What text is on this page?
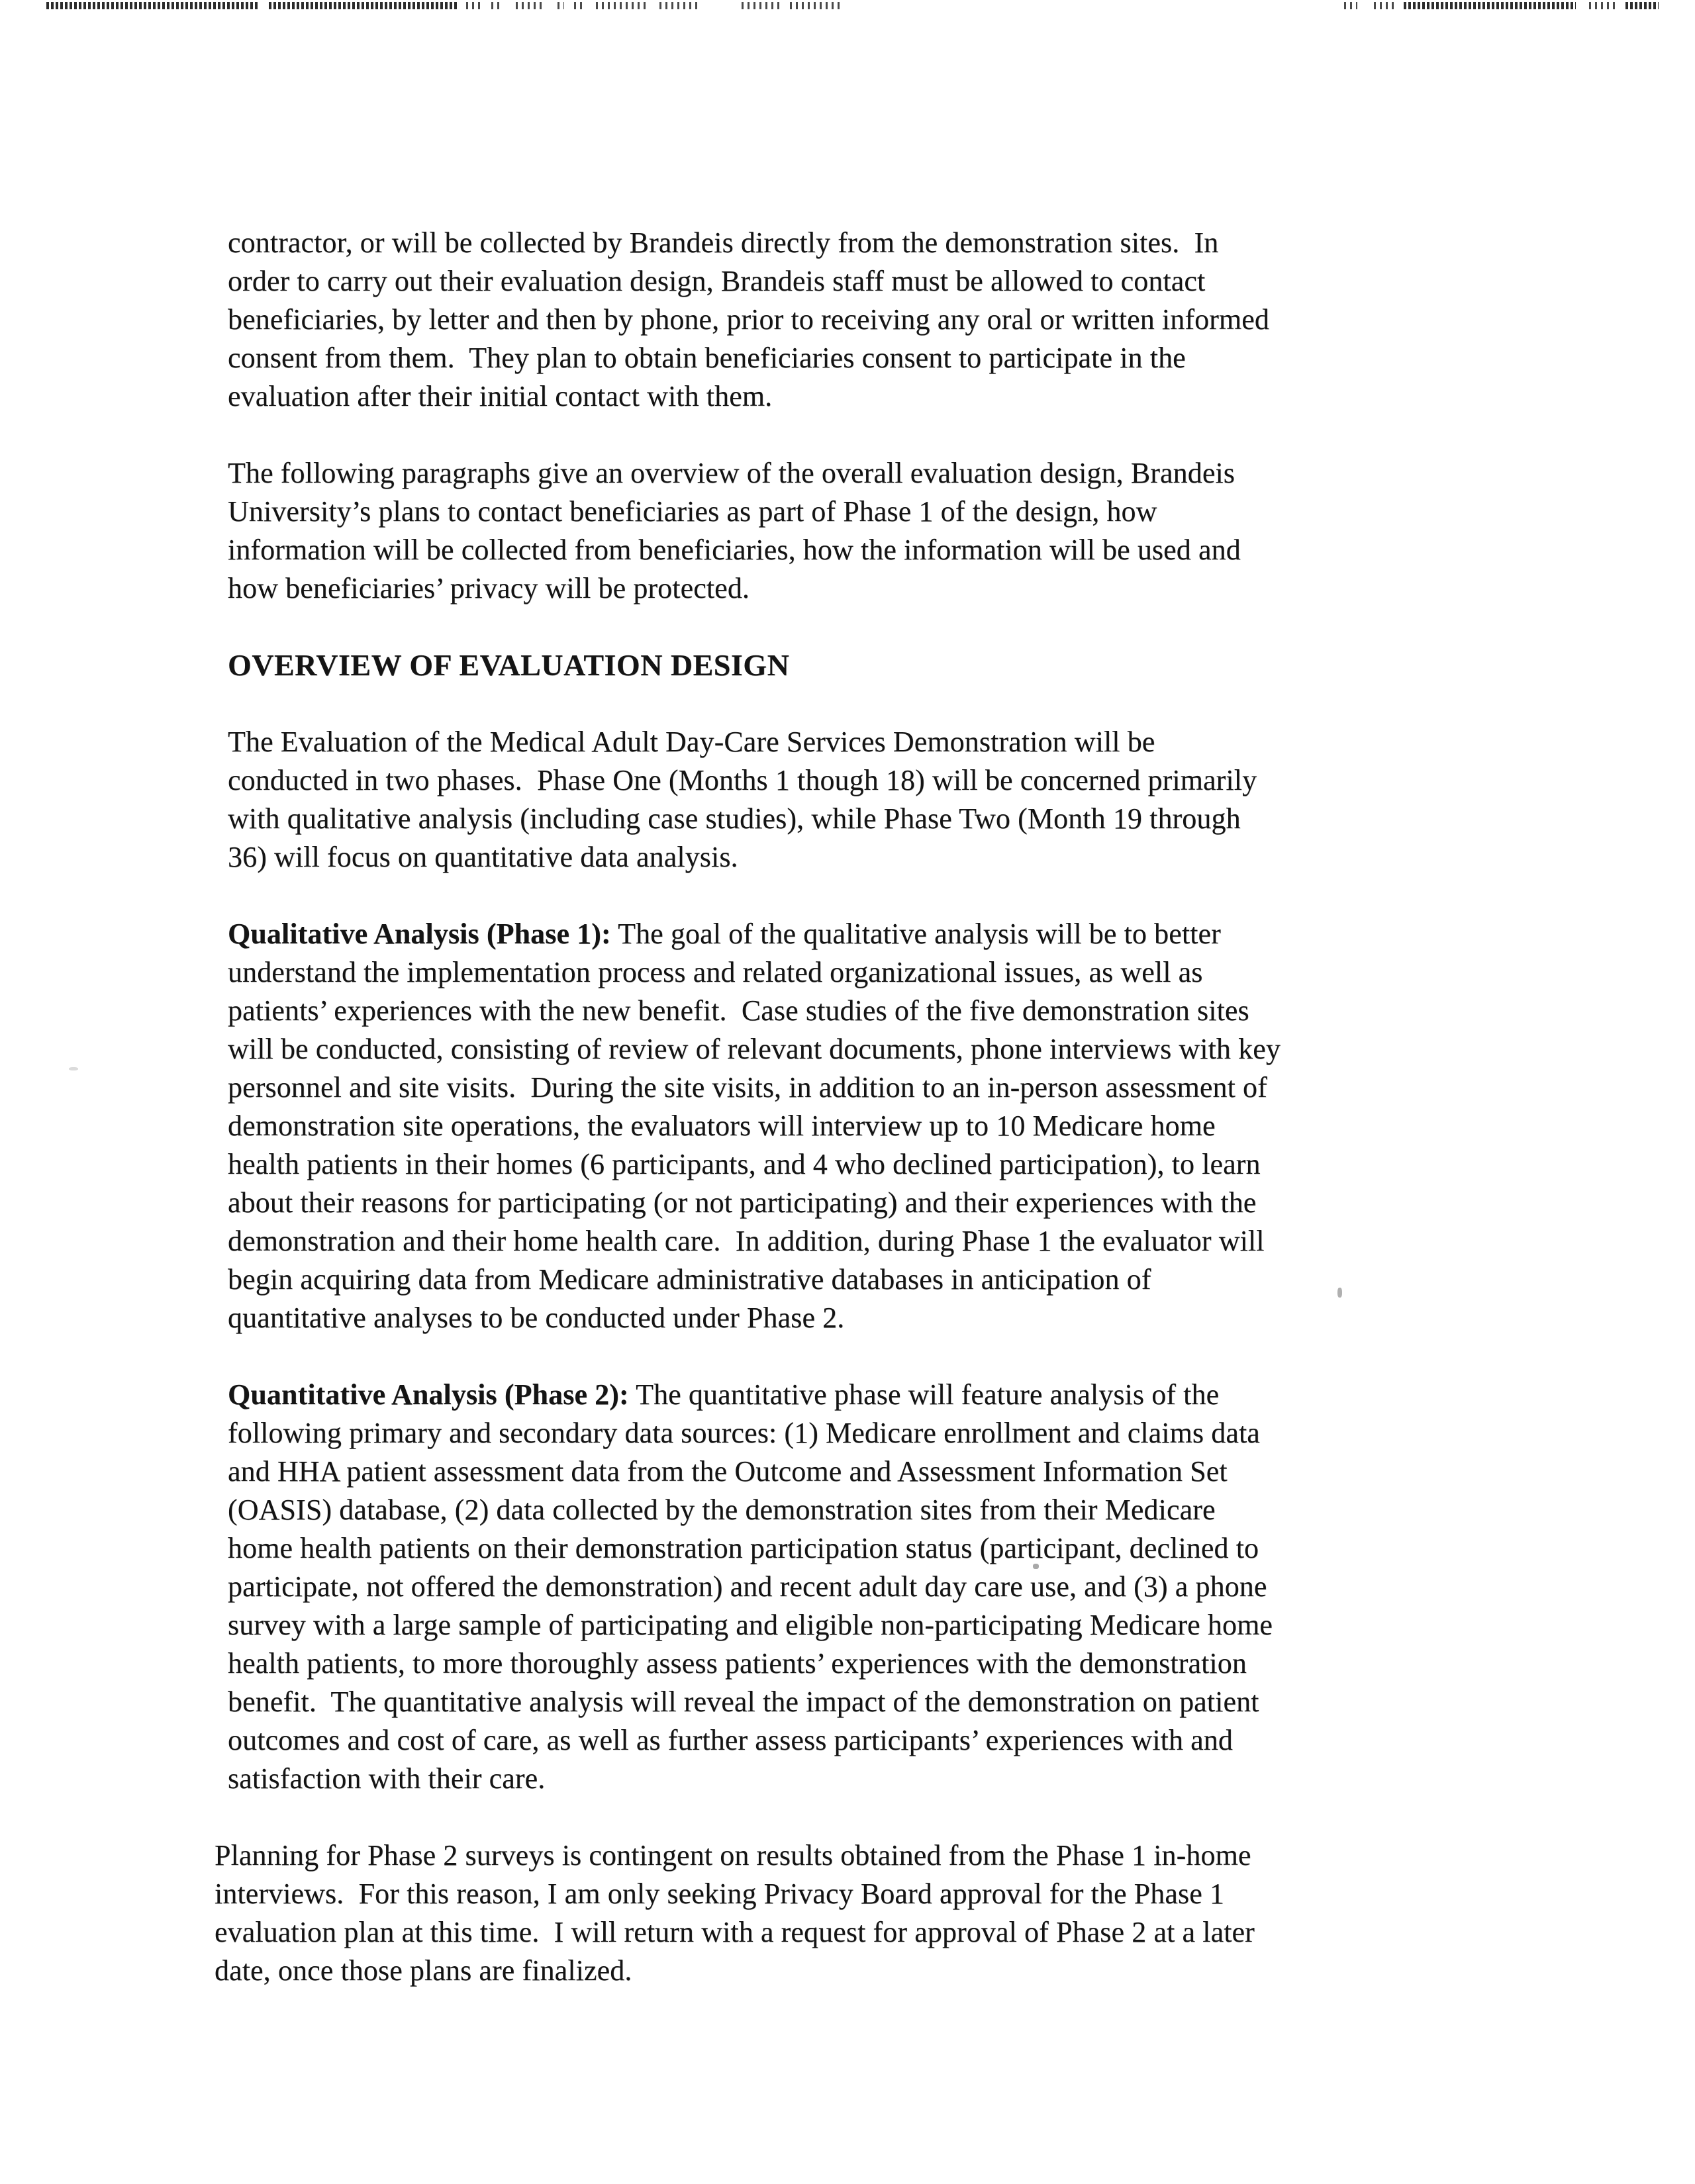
contractor, or will be collected by Brandeis directly from the demonstration sites.  In
order to carry out their evaluation design, Brandeis staff must be allowed to contact
beneficiaries, by letter and then by phone, prior to receiving any oral or written informed
consent from them.  They plan to obtain beneficiaries consent to participate in the
evaluation after their initial contact with them.
The following paragraphs give an overview of the overall evaluation design, Brandeis
University’s plans to contact beneficiaries as part of Phase 1 of the design, how
information will be collected from beneficiaries, how the information will be used and
how beneficiaries’ privacy will be protected.
OVERVIEW OF EVALUATION DESIGN
The Evaluation of the Medical Adult Day-Care Services Demonstration will be
conducted in two phases.  Phase One (Months 1 though 18) will be concerned primarily
with qualitative analysis (including case studies), while Phase Two (Month 19 through
36) will focus on quantitative data analysis.
Qualitative Analysis (Phase 1): The goal of the qualitative analysis will be to better
understand the implementation process and related organizational issues, as well as
patients’ experiences with the new benefit.  Case studies of the five demonstration sites
will be conducted, consisting of review of relevant documents, phone interviews with key
personnel and site visits.  During the site visits, in addition to an in-person assessment of
demonstration site operations, the evaluators will interview up to 10 Medicare home
health patients in their homes (6 participants, and 4 who declined participation), to learn
about their reasons for participating (or not participating) and their experiences with the
demonstration and their home health care.  In addition, during Phase 1 the evaluator will
begin acquiring data from Medicare administrative databases in anticipation of
quantitative analyses to be conducted under Phase 2.
Quantitative Analysis (Phase 2): The quantitative phase will feature analysis of the
following primary and secondary data sources: (1) Medicare enrollment and claims data
and HHA patient assessment data from the Outcome and Assessment Information Set
(OASIS) database, (2) data collected by the demonstration sites from their Medicare
home health patients on their demonstration participation status (participant, declined to
participate, not offered the demonstration) and recent adult day care use, and (3) a phone
survey with a large sample of participating and eligible non-participating Medicare home
health patients, to more thoroughly assess patients’ experiences with the demonstration
benefit.  The quantitative analysis will reveal the impact of the demonstration on patient
outcomes and cost of care, as well as further assess participants’ experiences with and
satisfaction with their care.
Planning for Phase 2 surveys is contingent on results obtained from the Phase 1 in-home
interviews.  For this reason, I am only seeking Privacy Board approval for the Phase 1
evaluation plan at this time.  I will return with a request for approval of Phase 2 at a later
date, once those plans are finalized.
